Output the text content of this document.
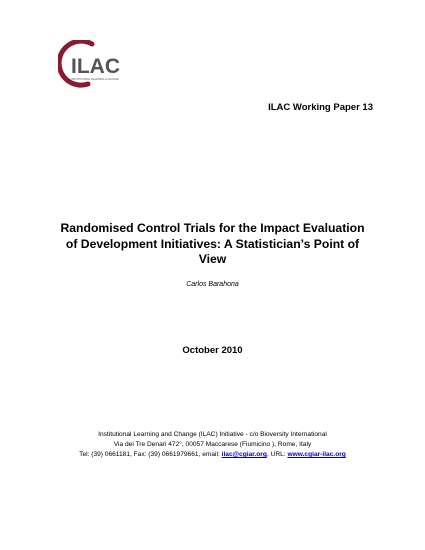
ILAC
INSTITUTIONAL LEARNING & CHANGE
ILAC Working Paper 13
Randomised Control Trials for the Impact Evaluation
of Development Initiatives: A Statistician’s Point of
View
Carlos Barahona
October 2010
Institutional Learning and Change (ILAC) Initiative - c/o Bioversity International
Via dei Tre Denari 472°, 00057 Maccarese (Fiumicino ), Rome, Italy
Tel: (39) 0661181, Fax: (39) 0661979661, email: ilac@cgiar.org, URL: www.cgiar-ilac.org
